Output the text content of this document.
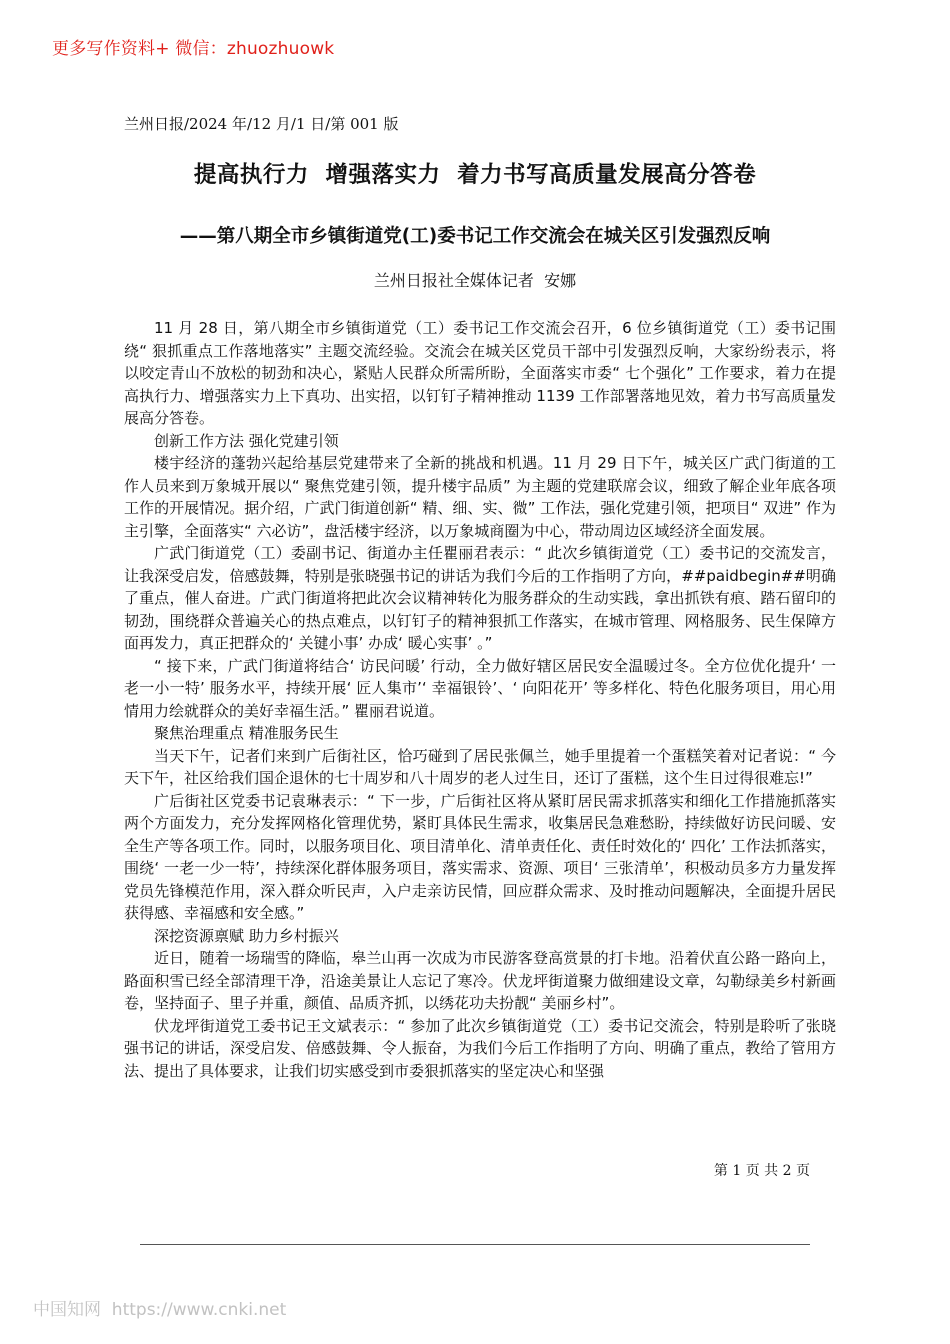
更多写作资料+ 微信：zhuozhuowk
兰州日报/2024 年/12 月/1 日/第 001 版
提高执行力  增强落实力  着力书写高质量发展高分答卷
——第八期全市乡镇街道党(工)委书记工作交流会在城关区引发强烈反响
兰州日报社全媒体记者  安娜

11 月 28 日，第八期全市乡镇街道党（工）委书记工作交流会召开，6 位乡镇街道党（工）委书记围绕“ 狠抓重点工作落地落实” 主题交流经验。交流会在城关区党员干部中引发强烈反响，大家纷纷表示，将以咬定青山不放松的韧劲和决心，紧贴人民群众所需所盼，全面落实市委“ 七个强化” 工作要求，着力在提高执行力、增强落实力上下真功、出实招，以钉钉子精神推动 1139 工作部署落地见效，着力书写高质量发展高分答卷。

创新工作方法 强化党建引领

楼宇经济的蓬勃兴起给基层党建带来了全新的挑战和机遇。11 月 29 日下午，城关区广武门街道的工作人员来到万象城开展以“ 聚焦党建引领，提升楼宇品质” 为主题的党建联席会议，细致了解企业年底各项工作的开展情况。据介绍，广武门街道创新“ 精、细、实、微” 工作法，强化党建引领，把项目“ 双进” 作为主引擎，全面落实“ 六必访”，盘活楼宇经济，以万象城商圈为中心，带动周边区域经济全面发展。

广武门街道党（工）委副书记、街道办主任瞿丽君表示：“ 此次乡镇街道党（工）委书记的交流发言，让我深受启发，倍感鼓舞，特别是张晓强书记的讲话为我们今后的工作指明了方向，##paidbegin##明确了重点，催人奋进。广武门街道将把此次会议精神转化为服务群众的生动实践，拿出抓铁有痕、踏石留印的韧劲，围绕群众普遍关心的热点难点，以钉钉子的精神狠抓工作落实，在城市管理、网格服务、民生保障方面再发力，真正把群众的‘ 关键小事’ 办成‘ 暖心实事’ 。”

“ 接下来，广武门街道将结合‘ 访民问暖’ 行动，全力做好辖区居民安全温暖过冬。全方位优化提升‘ 一老一小一特’ 服务水平，持续开展‘ 匠人集市’‘ 幸福银铃’、‘ 向阳花开’ 等多样化、特色化服务项目，用心用情用力绘就群众的美好幸福生活。” 瞿丽君说道。

聚焦治理重点 精准服务民生

当天下午，记者们来到广后街社区，恰巧碰到了居民张佩兰，她手里提着一个蛋糕笑着对记者说：“ 今天下午，社区给我们国企退休的七十周岁和八十周岁的老人过生日，还订了蛋糕，这个生日过得很难忘!”

广后街社区党委书记袁琳表示：“ 下一步，广后街社区将从紧盯居民需求抓落实和细化工作措施抓落实两个方面发力，充分发挥网格化管理优势，紧盯具体民生需求，收集居民急难愁盼，持续做好访民问暖、安全生产等各项工作。同时，以服务项目化、项目清单化、清单责任化、责任时效化的‘ 四化’ 工作法抓落实，围绕‘ 一老一少一特’，持续深化群体服务项目，落实需求、资源、项目‘ 三张清单’，积极动员多方力量发挥党员先锋模范作用，深入群众听民声，入户走亲访民情，回应群众需求、及时推动问题解决，全面提升居民获得感、幸福感和安全感。”

深挖资源禀赋 助力乡村振兴

近日，随着一场瑞雪的降临，皋兰山再一次成为市民游客登高赏景的打卡地。沿着伏直公路一路向上，路面积雪已经全部清理干净，沿途美景让人忘记了寒冷。伏龙坪街道聚力做细建设文章，勾勒绿美乡村新画卷，坚持面子、里子并重，颜值、品质齐抓，以绣花功夫扮靓“ 美丽乡村”。

伏龙坪街道党工委书记王文斌表示：“ 参加了此次乡镇街道党（工）委书记交流会，特别是聆听了张晓强书记的讲话，深受启发、倍感鼓舞、令人振奋，为我们今后工作指明了方向、明确了重点，教给了管用方法、提出了具体要求，让我们切实感受到市委狠抓落实的坚定决心和坚强

第 1 页 共 2 页
中国知网  https://www.cnki.net
